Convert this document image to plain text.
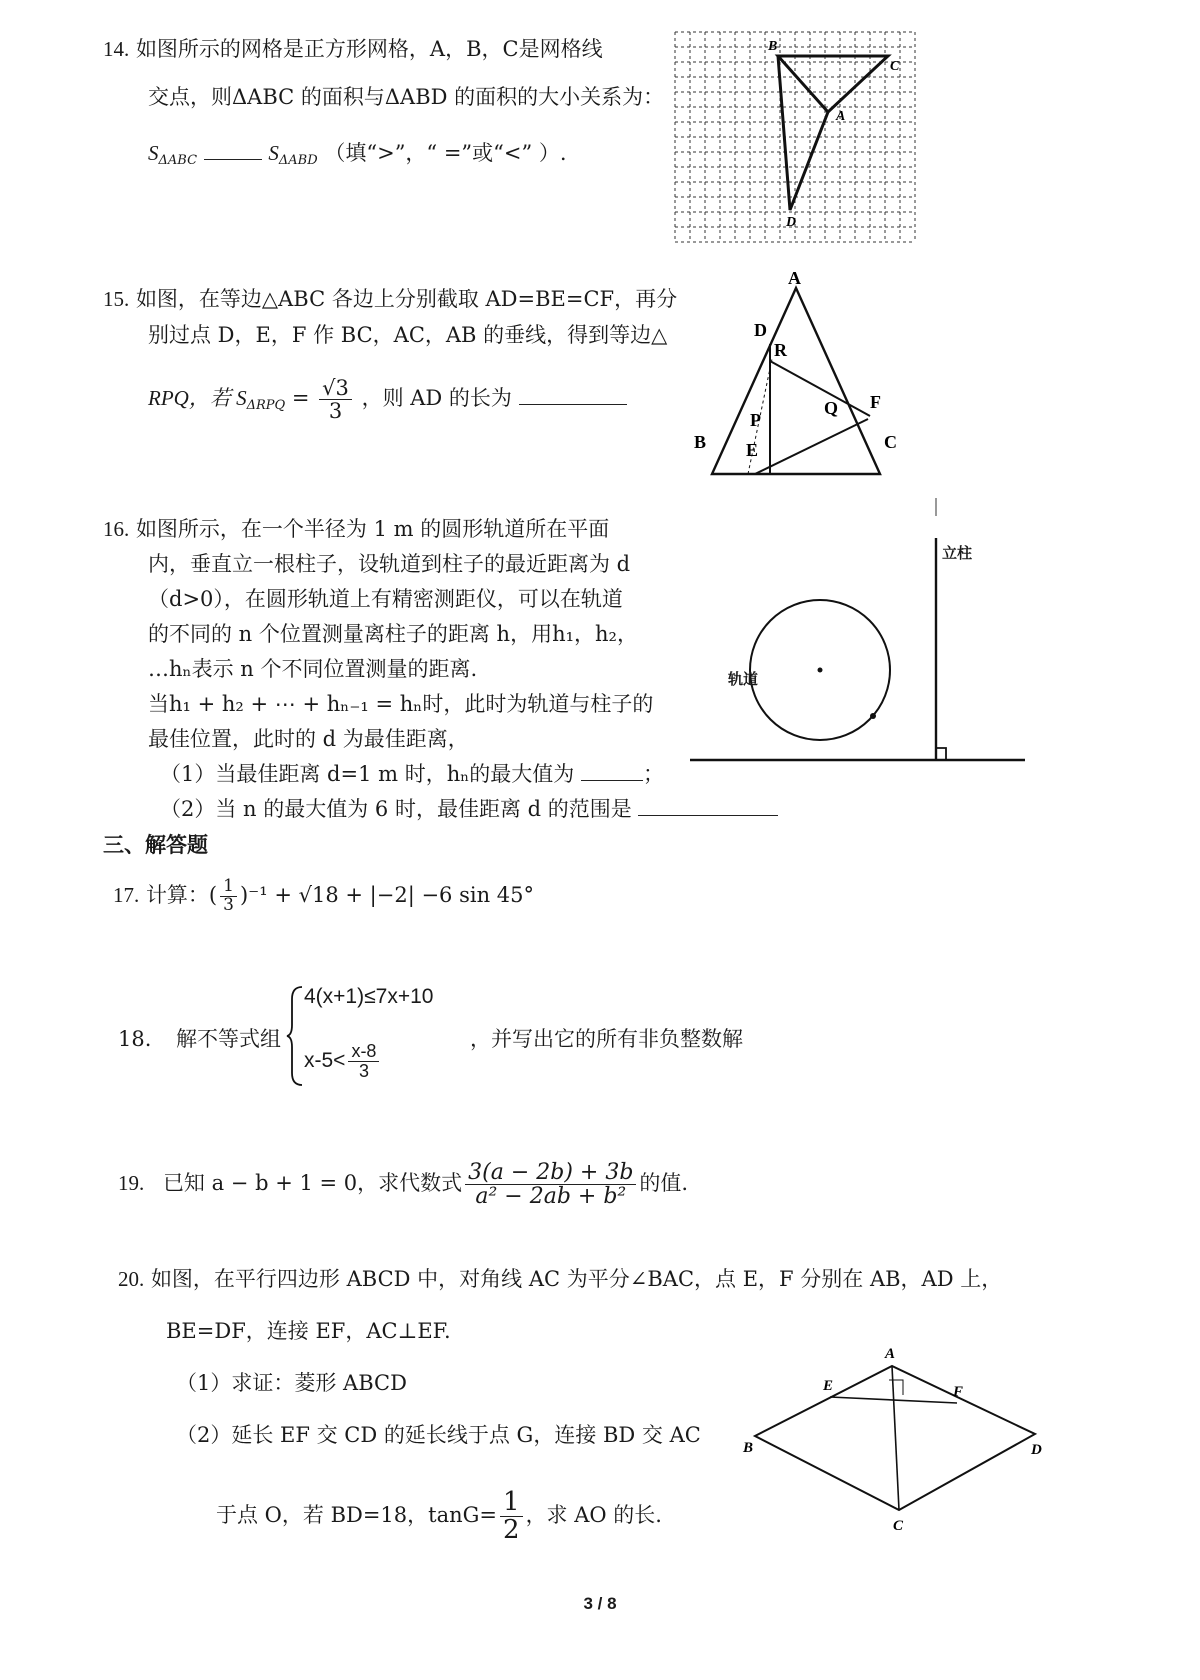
14. 如图所示的网格是正方形网格，A，B，C是网格线
交点，则ΔABC 的面积与ΔABD 的面积的大小关系为：
$S_{\Delta ABC}$	$S_{\Delta ABD}$ （填“>”，“ =”或“<” ）.
B
C
A
D
15. 如图，在等边△ABC 各边上分别截取 AD=BE=CF，再分
别过点 D，E，F 作 BC，AC，AB 的垂线，得到等边△
RPQ，若 $S_{\Delta RPQ} = \frac{√3}{3}$ ，则 AD 的长为
A
D
R
Q F
P
B E	C
16. 如图所示，在一个半径为 1 m 的圆形轨道所在平面
内，垂直立一根柱子，设轨道到柱子的最近距离为 d
（d>0），在圆形轨道上有精密测距仪，可以在轨道
的不同的 n 个位置测量离柱子的距离 h，用h₁，h₂，
…hₙ表示 n 个不同位置测量的距离.
当h₁ + h₂ + ⋯ + hₙ₋₁ = hₙ时，此时为轨道与柱子的
最佳位置，此时的 d 为最佳距离，
（1）当最佳距离 d=1 m 时，hₙ的最大值为	；
（2）当 n 的最大值为 6 时，最佳距离 d 的范围是
立柱
轨道
三、解答题
17. 计算：( $\frac{1}{3} )^{-1} + √18 + |-2| -6$ sin 45°
18. 解不等式组
4(x+1)≤7x+10
$x-5< \frac{x-8}{3}$
，并写出它的所有非负整数解
19. 已知 a − b + 1 = 0，求代数式 $\frac{3(a - 2b) + 3b}{\text{a² − 2ab + b²}}$ 的值.
20. 如图，在平行四边形 ABCD 中，对角线 AC 为平分∠BAC，点 E，F 分别在 AB，AD 上，
BE=DF，连接 EF，AC⊥EF.
（1）求证：菱形 ABCD
（2）延长 EF 交 CD 的延长线于点 G，连接 BD 交 AC
于点 O，若 BD=18，$\tan G= \frac{1}{2}$ ，求 AO 的长.
A
E	F
B	D
C
3 / 8
